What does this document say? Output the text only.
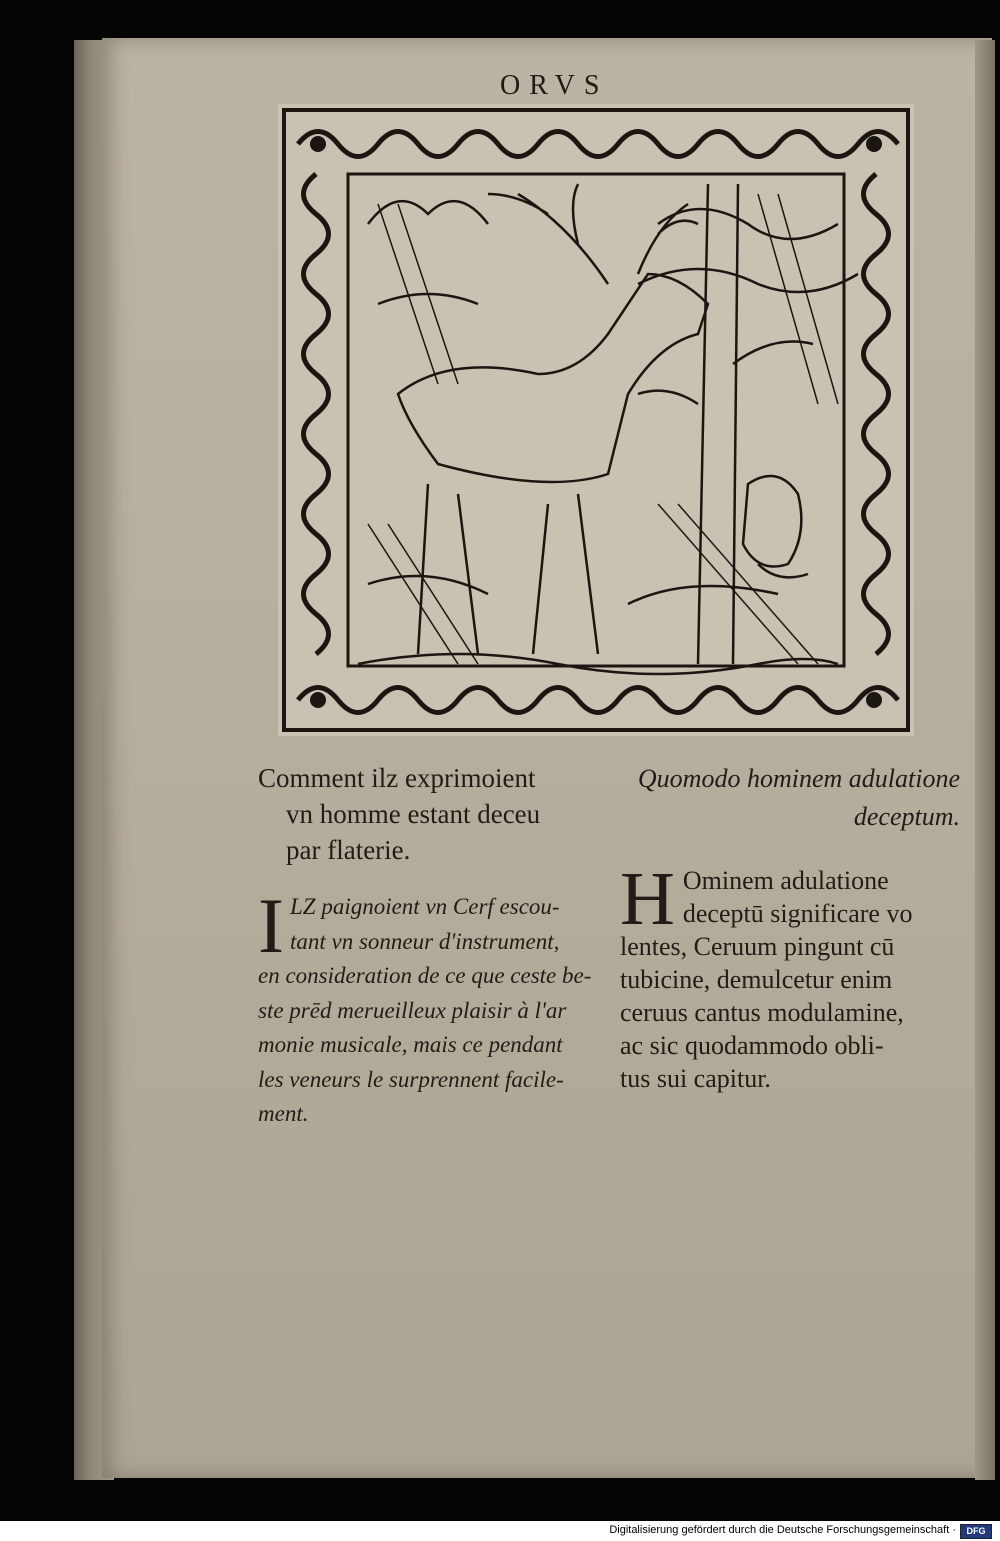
ORVS
Comment ilz exprimoient

vn homme estant deceu
par flaterie.
Quomodo hominem adulatione
deceptum.
I LZ paignoient vn Cerf escou-
tant vn sonneur d'instrument,
en consideration de ce que ceste be-
ste prēd merueilleux plaisir à l'ar
monie musicale, mais ce pendant
les veneurs le surprennent facile-
ment.
H Ominem adulatione
deceptū significare vo
lentes, Ceruum pingunt cū
tubicine, demulcetur enim
ceruus cantus modulamine,
ac sic quodammodo obli-
tus sui capitur.
Digitalisierung gefördert durch die Deutsche Forschungsgemeinschaft ·	DFG
